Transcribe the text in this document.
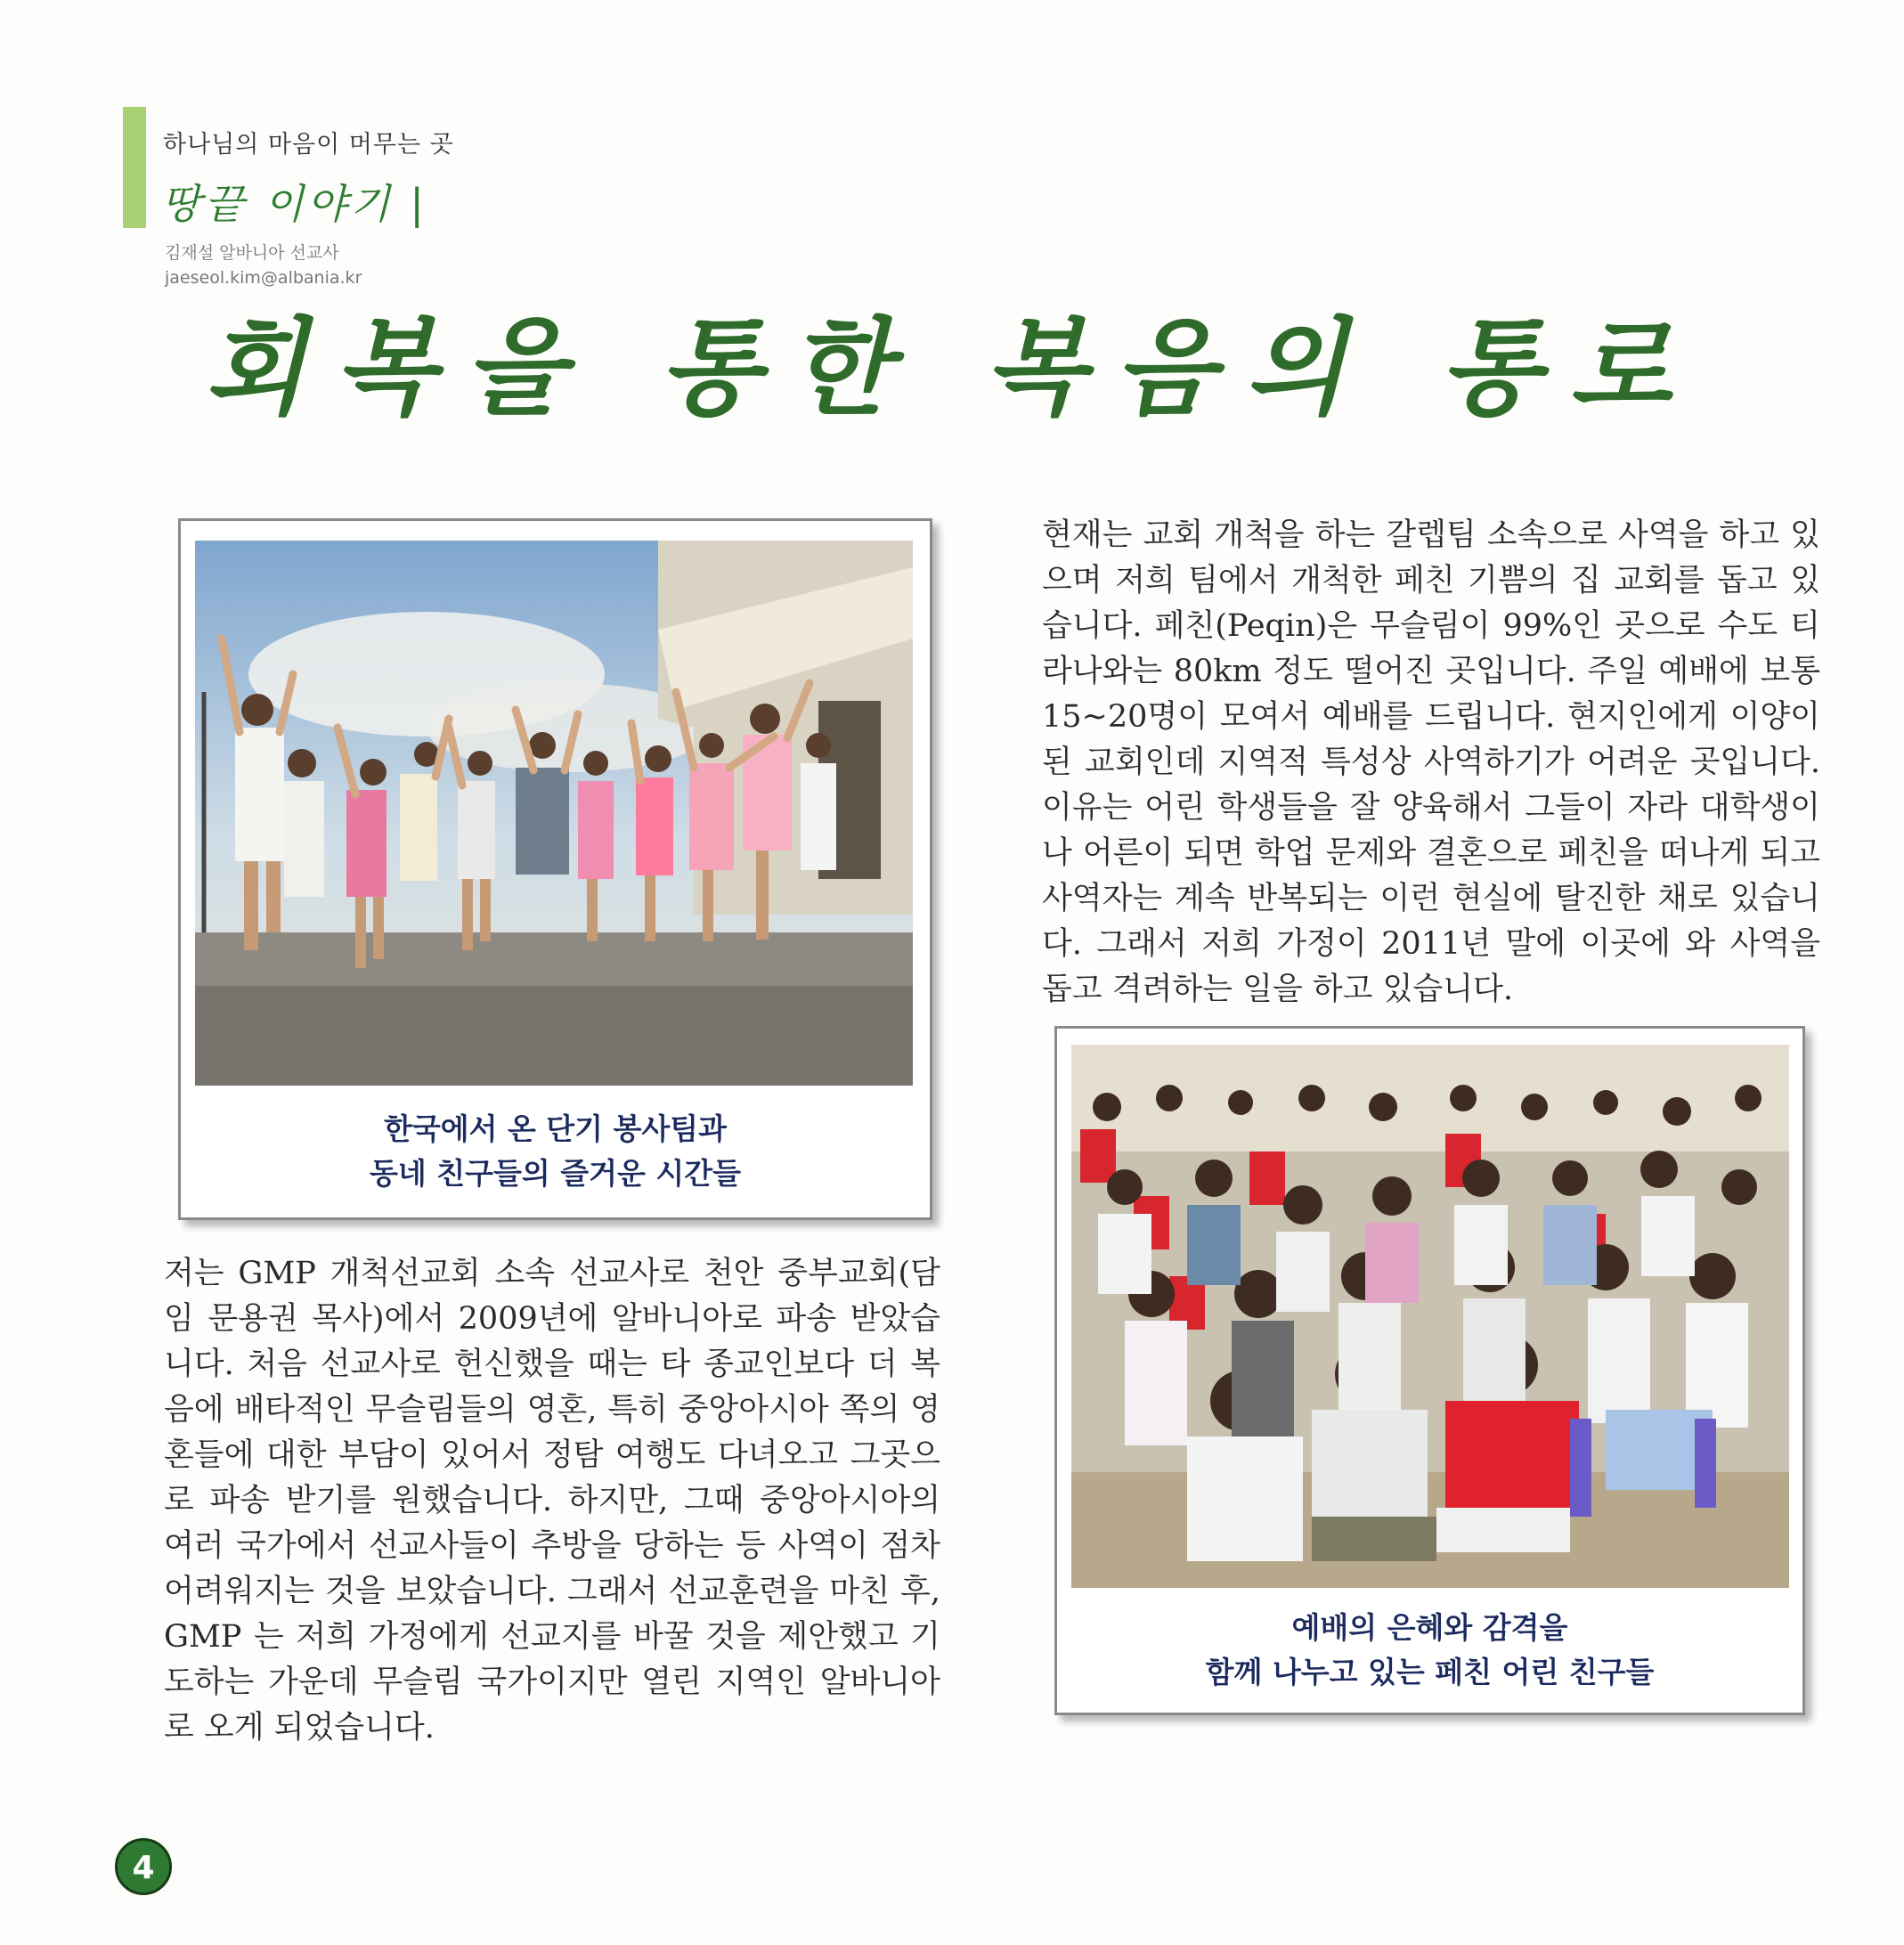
하나님의 마음이 머무는 곳
땅끝 이야기 |
김재설 알바니아 선교사
jaeseol.kim@albania.kr
회복을 통한 복음의 통로
한국에서 온 단기 봉사팀과
동네 친구들의 즐거운 시간들
현재는 교회 개척을 하는 갈렙팀 소속으로 사역을 하고 있으며 저희 팀에서 개척한 페친 기쁨의 집 교회를 돕고 있습니다. 페친(Peqin)은 무슬림이 99%인 곳으로 수도 티라나와는 80km 정도 떨어진 곳입니다. 주일 예배에 보통 15~20명이 모여서 예배를 드립니다. 현지인에게 이양이 된 교회인데 지역적 특성상 사역하기가 어려운 곳입니다. 이유는 어린 학생들을 잘 양육해서 그들이 자라 대학생이나 어른이 되면 학업 문제와 결혼으로 페친을 떠나게 되고 사역자는 계속 반복되는 이런 현실에 탈진한 채로 있습니다. 그래서 저희 가정이 2011년 말에 이곳에 와 사역을 돕고 격려하는 일을 하고 있습니다.
예배의 은혜와 감격을
함께 나누고 있는 페친 어린 친구들
저는 GMP 개척선교회 소속 선교사로 천안 중부교회(담임 문용권 목사)에서 2009년에 알바니아로 파송 받았습니다. 처음 선교사로 헌신했을 때는 타 종교인보다 더 복음에 배타적인 무슬림들의 영혼, 특히 중앙아시아 쪽의 영혼들에 대한 부담이 있어서 정탐 여행도 다녀오고 그곳으로 파송 받기를 원했습니다. 하지만, 그때 중앙아시아의 여러 국가에서 선교사들이 추방을 당하는 등 사역이 점차 어려워지는 것을 보았습니다. 그래서 선교훈련을 마친 후, GMP 는 저희 가정에게 선교지를 바꿀 것을 제안했고 기도하는 가운데 무슬림 국가이지만 열린 지역인 알바니아로 오게 되었습니다.
4
